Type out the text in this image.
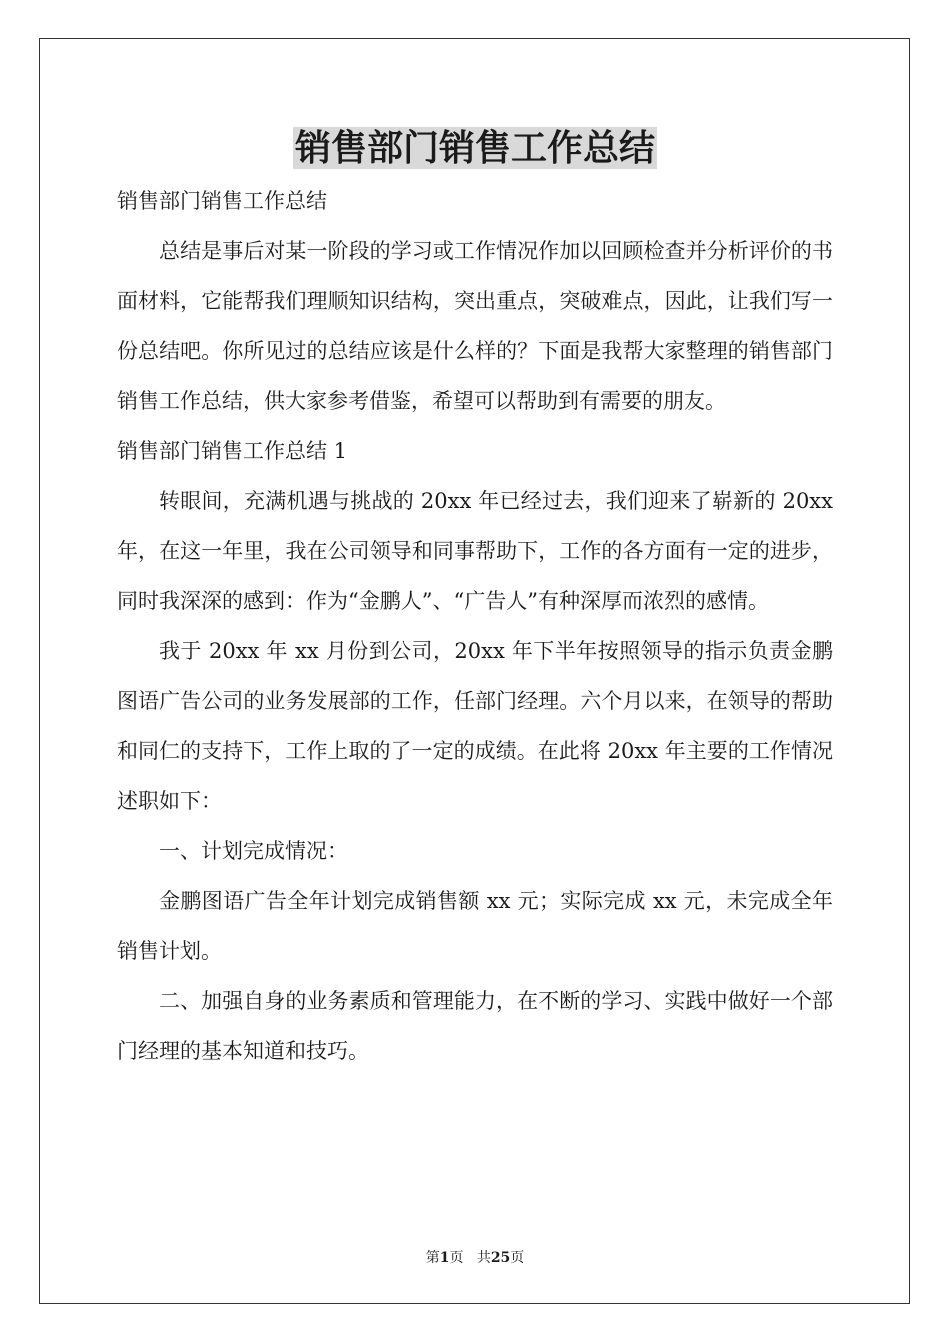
销售部门销售工作总结

销售部门销售工作总结

总结是事后对某一阶段的学习或工作情况作加以回顾检查并分析评价的书面材料，它能帮我们理顺知识结构，突出重点，突破难点，因此，让我们写一份总结吧。你所见过的总结应该是什么样的？下面是我帮大家整理的销售部门销售工作总结，供大家参考借鉴，希望可以帮助到有需要的朋友。

销售部门销售工作总结 1

转眼间，充满机遇与挑战的 20xx 年已经过去，我们迎来了崭新的 20xx 年，在这一年里，我在公司领导和同事帮助下，工作的各方面有一定的进步，同时我深深的感到：作为“金鹏人”、“广告人”有种深厚而浓烈的感情。

我于 20xx 年 xx 月份到公司，20xx 年下半年按照领导的指示负责金鹏图语广告公司的业务发展部的工作，任部门经理。六个月以来，在领导的帮助和同仁的支持下，工作上取的了一定的成绩。在此将 20xx 年主要的工作情况述职如下：

一、计划完成情况：

金鹏图语广告全年计划完成销售额 xx 元；实际完成 xx 元，未完成全年销售计划。

二、加强自身的业务素质和管理能力，在不断的学习、实践中做好一个部门经理的基本知道和技巧。

第1页 共25页
